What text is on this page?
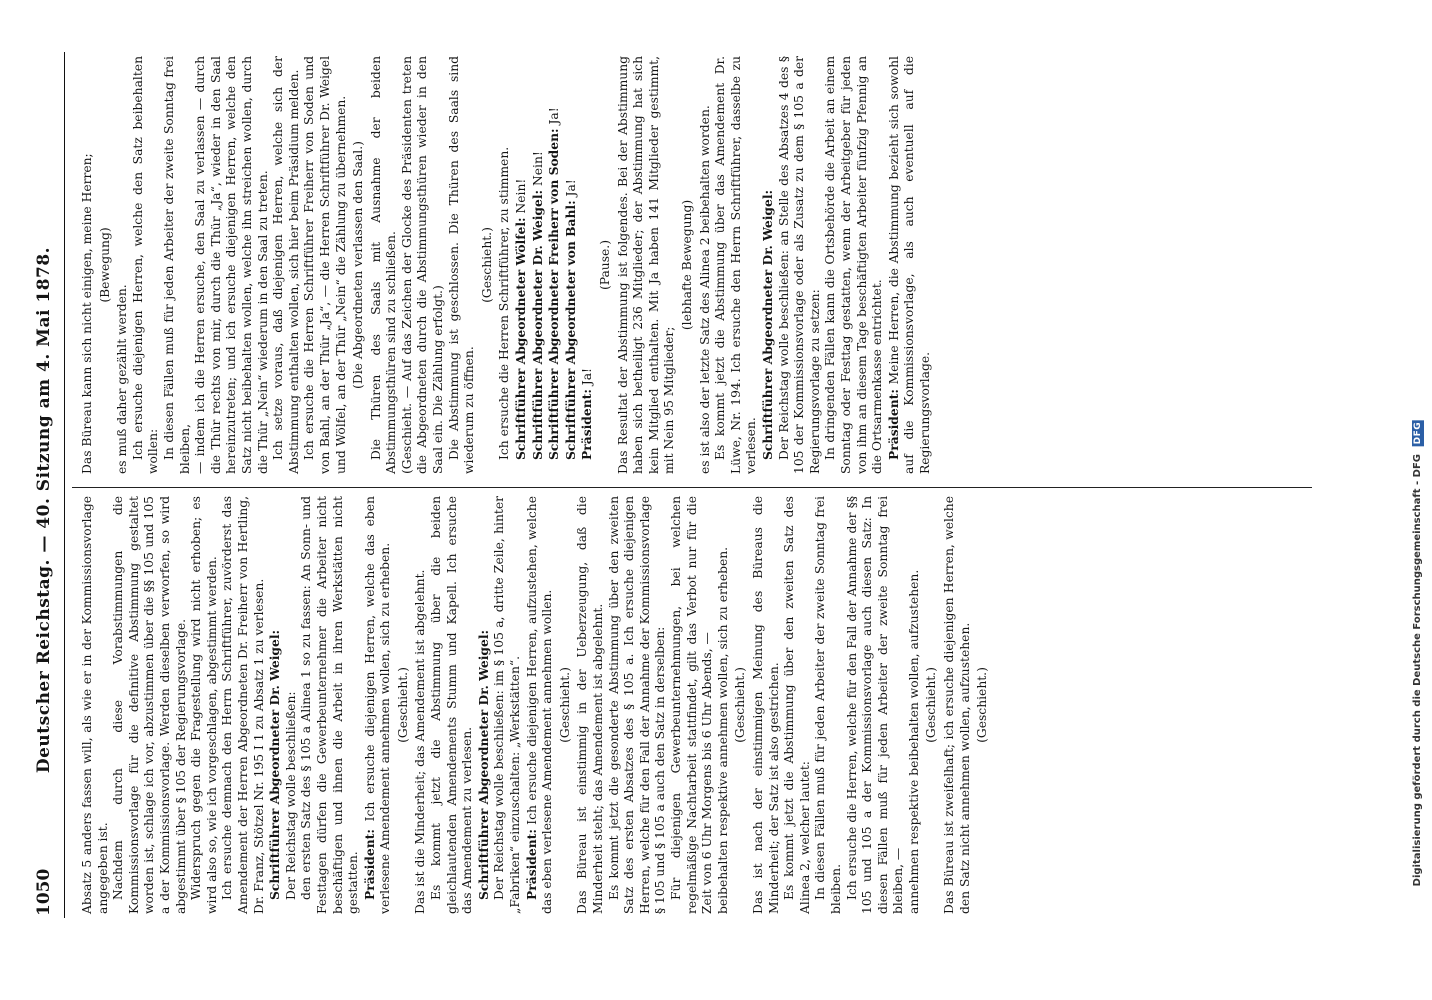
1050
Deutscher Reichstag. — 40. Sitzung am 4. Mai 1878. Absatz 5 anders fassen will, als wie er in der Kommissionsvorlage angegeben ist. Nachdem durch diese Vorabstimmungen die Kommissionsvorlage für die definitive Abstimmung gestaltet worden ist, schlage ich vor, abzustimmen über die §§ 105 und 105 a der Kommissionsvorlage. Werden dieselben verworfen, so wird abgestimmt über § 105 der Regierungsvorlage. Widerspruch gegen die Fragestellung wird nicht erhoben; es wird also so, wie ich vorgeschlagen, abgestimmt werden. Ich ersuche demnach den Herrn Schriftführer, zuvörderst das Amendement der Herren Abgeordneten Dr. Freiherr von Hertling, Dr. Franz, Stötzel Nr. 195 I 1 zu Absatz 1 zu verlesen. Schriftführer Abgeordneter Dr. Weigel: Der Reichstag wolle beschließen: den ersten Satz des § 105 a Alinea 1 so zu fassen: An Sonn- und Festtagen dürfen die Gewerbeunternehmer die Arbeiter nicht beschäftigen und ihnen die Arbeit in ihren Werkstätten nicht gestatten. Präsident: Ich ersuche diejenigen Herren, welche das eben verlesene Amendement annehmen wollen, sich zu erheben. (Geschieht.) Das ist die Minderheit; das Amendement ist abgelehnt. Es kommt jetzt die Abstimmung über die beiden gleichlautenden Amendements Stumm und Kapell. Ich ersuche das Amendement zu verlesen. Schriftführer Abgeordneter Dr. Weigel: Der Reichstag wolle beschließen: im § 105 a, dritte Zeile, hinter „Fabriken“ einzuschalten: „Werkstätten“. Präsident: Ich ersuche diejenigen Herren, aufzustehen, welche das eben verlesene Amendement annehmen wollen. (Geschieht.) Das Büreau ist einstimmig in der Ueberzeugung, daß die Minderheit steht; das Amendement ist abgelehnt. Es kommt jetzt die gesonderte Abstimmung über den zweiten Satz des ersten Absatzes des § 105 a. Ich ersuche diejenigen Herren, welche für den Fall der Annahme der Kommissionsvorlage § 105 und § 105 a auch den Satz in derselben: Für diejenigen Gewerbeunternehmungen, bei welchen regelmäßige Nachtarbeit stattfindet, gilt das Verbot nur für die Zeit von 6 Uhr Morgens bis 6 Uhr Abends, — beibehalten respektive annehmen wollen, sich zu erheben. (Geschieht.) Das ist nach der einstimmigen Meinung des Büreaus die Minderheit; der Satz ist also gestrichen. Es kommt jetzt die Abstimmung über den zweiten Satz des Alinea 2, welcher lautet: In diesen Fällen muß für jeden Arbeiter der zweite Sonntag frei bleiben. Ich ersuche die Herren, welche für den Fall der Annahme der §§ 105 und 105 a der Kommissionsvorlage auch diesen Satz: In diesen Fällen muß für jeden Arbeiter der zweite Sonntag frei bleiben, — annehmen respektive beibehalten wollen, aufzustehen. (Geschieht.) Das Büreau ist zweifelhaft; ich ersuche diejenigen Herren, welche den Satz nicht annehmen wollen, aufzustehen. (Geschieht.)

Das Büreau kann sich nicht einigen, meine Herren; (Bewegung)

es muß daher gezählt werden. Ich ersuche diejenigen Herren, welche den Satz beibehalten wollen: In diesen Fällen muß für jeden Arbeiter der zweite Sonntag frei bleiben, — indem ich die Herren ersuche, den Saal zu verlassen — durch die Thür rechts von mir, durch die Thür „Ja“, wieder in den Saal hereinzutreten; und ich ersuche diejenigen Herren, welche den Satz nicht beibehalten wollen, welche ihn streichen wollen, durch die Thür „Nein“ wiederum in den Saal zu treten. Ich setze voraus, daß diejenigen Herren, welche sich der Abstimmung enthalten wollen, sich hier beim Präsidium melden. Ich ersuche die Herren Schriftführer Freiherr von Soden und von Bahl, an der Thür „Ja“, — die Herren Schriftführer Dr. Weigel und Wölfel, an der Thür „Nein“ die Zählung zu übernehmen. (Die Abgeordneten verlassen den Saal.) Die Thüren des Saals mit Ausnahme der beiden Abstimmungsthüren sind zu schließen. (Geschieht. — Auf das Zeichen der Glocke des Präsidenten treten die Abgeordneten durch die Abstimmungsthüren wieder in den Saal ein. Die Zählung erfolgt.) Die Abstimmung ist geschlossen. Die Thüren des Saals sind wiederum zu öffnen.

(Geschieht.) Ich ersuche die Herren Schriftführer, zu stimmen. Schriftführer Abgeordneter Wölfel: Nein! Schriftführer Abgeordneter Dr. Weigel: Nein! Schriftführer Abgeordneter Freiherr von Soden: Ja!

Schriftführer Abgeordneter von Bahl: Ja!

Präsident: Ja!

(Pause.) Das Resultat der Abstimmung ist folgendes. Bei der Abstimmung haben sich betheiligt 236 Mitglieder; der Abstimmung hat sich kein Mitglied enthalten. Mit Ja haben 141 Mitglieder gestimmt, mit Nein 95 Mitglieder;

(lebhafte Bewegung) es ist also der letzte Satz des Alinea 2 beibehalten worden. Es kommt jetzt die Abstimmung über das Amendement Dr. Lüwe, Nr. 194. Ich ersuche den Herrn Schriftführer, dasselbe zu verlesen. Schriftführer Abgeordneter Dr. Weigel: Der Reichstag wolle beschließen: an Stelle des Absatzes 4 des § 105 der Kommissionsvorlage oder als Zusatz zu dem § 105 a der Regierungsvorlage zu setzen: In dringenden Fällen kann die Ortsbehörde die Arbeit an einem Sonntag oder Festtag gestatten, wenn der Arbeitgeber für jeden von ihm an diesem Tage beschäftigten Arbeiter fünfzig Pfennig an die Ortsarmenkasse entrichtet. Präsident: Meine Herren, die Abstimmung bezieht sich sowohl auf die Kommissionsvorlage, als auch eventuell auf die Regierungsvorlage.

Digitalisierung gefördert durch die Deutsche Forschungsgemeinschaft - DFG DFG
